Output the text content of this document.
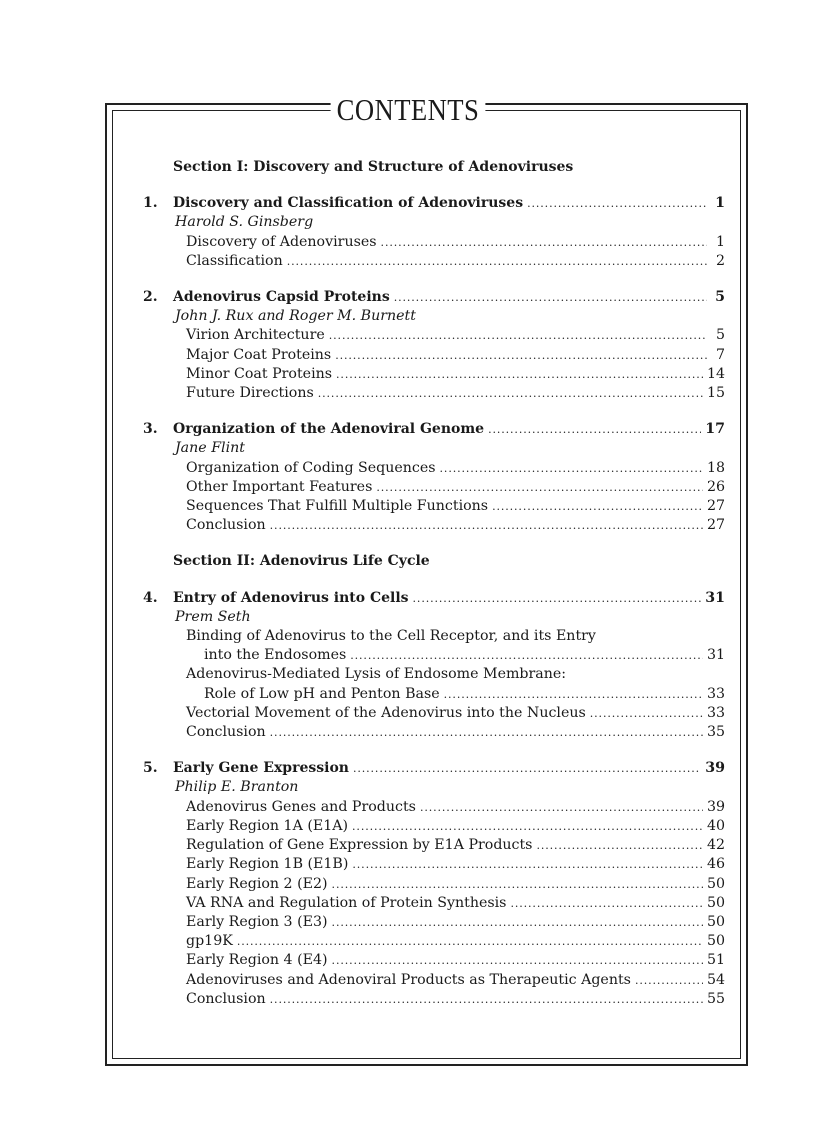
CONTENTS
Section I: Discovery and Structure of Adenoviruses
1.	Discovery and Classification of Adenoviruses . . .	1
Harold S. Ginsberg
Discovery of Adenoviruses . . .	1
Classification . . .	2
2.	Adenovirus Capsid Proteins . . .	5
John J. Rux and Roger M. Burnett
Virion Architecture . . .	5
Major Coat Proteins . . .	7
Minor Coat Proteins . . .	14
Future Directions . . .	15
3.	Organization of the Adenoviral Genome . . .	17
Jane Flint
Organization of Coding Sequences . . .	18
Other Important Features . . .	26
Sequences That Fulfill Multiple Functions . . .	27
Conclusion . . .	27
Section II: Adenovirus Life Cycle
4.	Entry of Adenovirus into Cells . . .	31
Prem Seth
Binding of Adenovirus to the Cell Receptor, and its Entry
into the Endosomes . . .	31
Adenovirus-Mediated Lysis of Endosome Membrane:
Role of Low pH and Penton Base . . .	33
Vectorial Movement of the Adenovirus into the Nucleus . . .	33
Conclusion . . .	35
5.	Early Gene Expression . . .	39
Philip E. Branton
Adenovirus Genes and Products . . .	39
Early Region 1A (E1A) . . .	40
Regulation of Gene Expression by E1A Products . . .	42
Early Region 1B (E1B) . . .	46
Early Region 2 (E2) . . .	50
VA RNA and Regulation of Protein Synthesis . . .	50
Early Region 3 (E3) . . .	50
gp19K . . .	50
Early Region 4 (E4) . . .	51
Adenoviruses and Adenoviral Products as Therapeutic Agents . . .	54
Conclusion . . .	55
